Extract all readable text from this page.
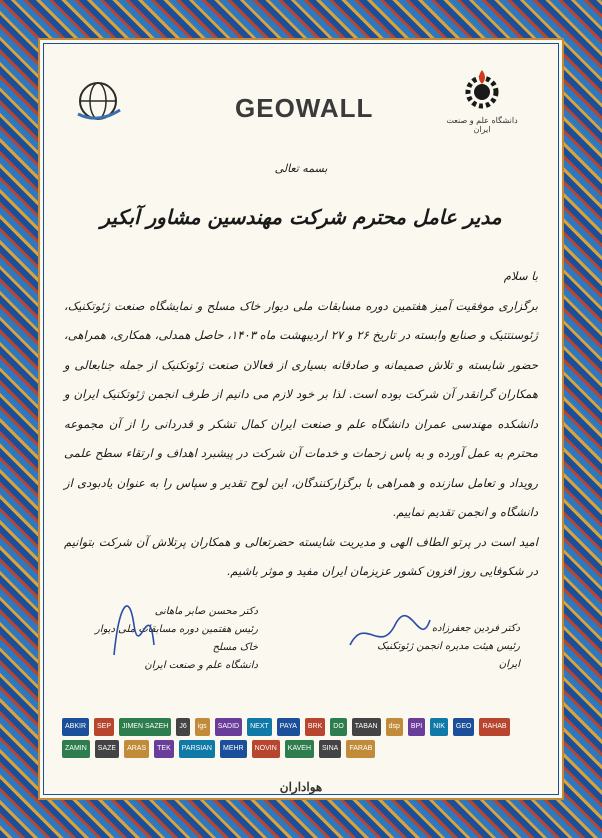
GEOWALL	دانشگاه علم و صنعت ایران
بسمه تعالی
مدیر عامل محترم شرکت مهندسین مشاور آبکیر

با سلام

برگزاری موفقیت آمیز هفتمین دوره مسابقات ملی دیوار خاک مسلح و نمایشگاه صنعت ژئوتکنیک، ژئوسنتتیک و صنایع وابسته در تاریخ ۲۶ و ۲۷ اردیبهشت ماه ۱۴۰۳، حاصل همدلی، همکاری، همراهی، حضور شایسته و تلاش صمیمانه و صادقانه بسیاری از فعالان صنعت ژئوتکنیک از جمله جنابعالی و همکاران گرانقدر آن شرکت بوده است. لذا بر خود لازم می دانیم از طرف انجمن ژئوتکنیک ایران و دانشکده مهندسی عمران دانشگاه علم و صنعت ایران کمال تشکر و قدردانی را از آن مجموعه محترم به عمل آورده و به پاس زحمات و خدمات آن شرکت در پیشبرد اهداف و ارتقاء سطح علمی رویداد و تعامل سازنده و همراهی با برگزارکنندگان، این لوح تقدیر و سپاس را به عنوان یادبودی از دانشگاه و انجمن تقدیم نماییم.

امید است در پرتو الطاف الهی و مدیریت شایسته حضرتعالی و همکاران پرتلاش آن شرکت بتوانیم در شکوفایی روز افزون کشور عزیزمان ایران مفید و موثر باشیم.

دکتر فردین جعفرزاده
رئیس هیئت مدیره انجمن ژئوتکنیک ایران
دکتر محسن صابر ماهانی
رئیس هفتمین دوره مسابقات ملی دیوار خاک مسلح
دانشگاه علم و صنعت ایران
ABKIR	SEP	JIMEN SAZEH	J6	igs	SADID	NEXT	PAYA	BRK	DO	TABAN	dsp	BPI	NIK	GEO	RAHAB
ZAMIN	SAZE	ARAS	TEK	PARSIAN	MEHR	NOVIN	KAVEH	SINA	FARAB
هواداران
